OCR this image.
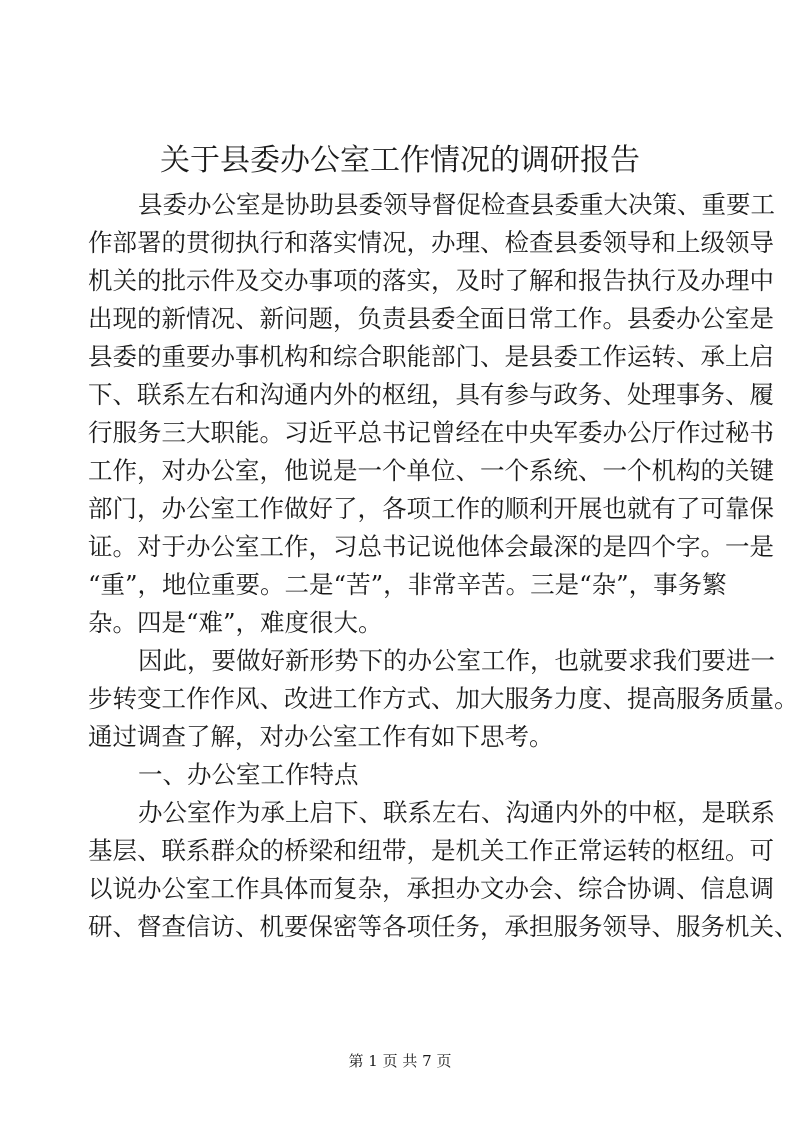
关于县委办公室工作情况的调研报告
县委办公室是协助县委领导督促检查县委重大决策、重要工
作部署的贯彻执行和落实情况，办理、检查县委领导和上级领导
机关的批示件及交办事项的落实，及时了解和报告执行及办理中
出现的新情况、新问题，负责县委全面日常工作。县委办公室是
县委的重要办事机构和综合职能部门、是县委工作运转、承上启
下、联系左右和沟通内外的枢纽，具有参与政务、处理事务、履
行服务三大职能。习近平总书记曾经在中央军委办公厅作过秘书
工作，对办公室，他说是一个单位、一个系统、一个机构的关键
部门，办公室工作做好了，各项工作的顺利开展也就有了可靠保
证。对于办公室工作，习总书记说他体会最深的是四个字。一是
“重”，地位重要。二是“苦”，非常辛苦。三是“杂”，事务繁
杂。四是“难”，难度很大。
因此，要做好新形势下的办公室工作，也就要求我们要进一
步转变工作作风、改进工作方式、加大服务力度、提高服务质量。
通过调查了解，对办公室工作有如下思考。
一、办公室工作特点
办公室作为承上启下、联系左右、沟通内外的中枢，是联系
基层、联系群众的桥梁和纽带，是机关工作正常运转的枢纽。可
以说办公室工作具体而复杂，承担办文办会、综合协调、信息调
研、督查信访、机要保密等各项任务，承担服务领导、服务机关、
第 1 页 共 7 页
